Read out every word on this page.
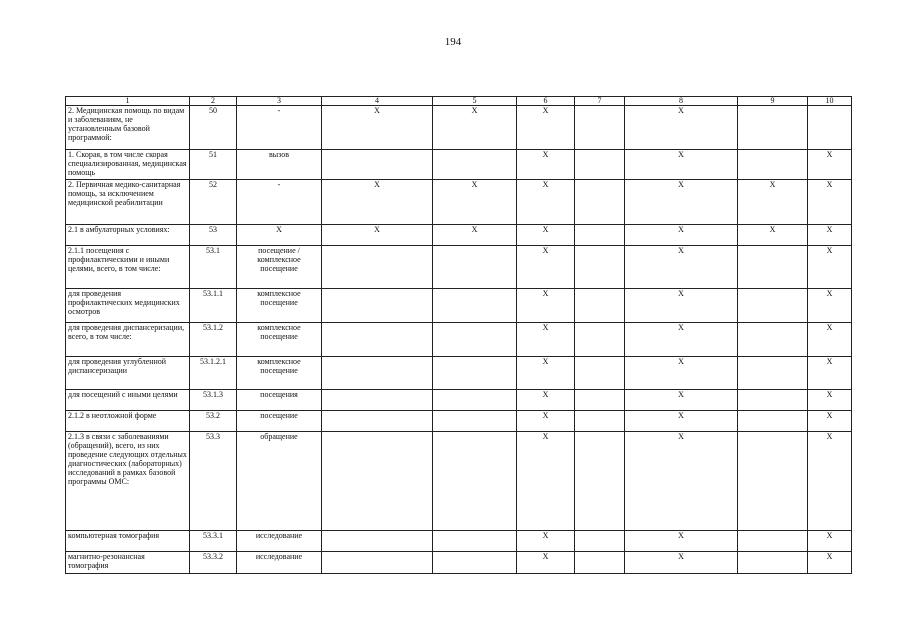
194
1	2	3	4	5	6	7	8	9	10
2. Медицинская помощь по видам и заболеваниям, не установленным базовой программой:	50	-	Х	Х	Х		Х		
1. Скорая, в том числе скорая специализированная, медицинская помощь	51	вызов			Х		Х		Х
2. Первичная медико-санитарная помощь, за исключением медицинской реабилитации	52	-	Х	Х	Х		Х	Х	Х
2.1 в амбулаторных условиях:	53	Х	Х	Х	Х		Х	Х	Х
2.1.1 посещения с профилактическими и иными целями, всего, в том числе:	53.1	посещение / комплексное посещение			Х		Х		Х
для проведения профилактических медицинских осмотров	53.1.1	комплексное посещение			Х		Х		Х
для проведения диспансеризации, всего, в том числе:	53.1.2	комплексное посещение			Х		Х		Х
для проведения углубленной диспансеризации	53.1.2.1	комплексное посещение			Х		Х		Х
для посещений с иными целями	53.1.3	посещения			Х		Х		Х
2.1.2 в неотложной форме	53.2	посещение			Х		Х		Х
2.1.3 в связи с заболеваниями (обращений), всего, из них проведение следующих отдельных диагностических (лабораторных) исследований в рамках базовой программы ОМС:	53.3	обращение			Х		Х		Х
компьютерная томография	53.3.1	исследование			Х		Х		Х
магнитно-резонансная томография	53.3.2	исследование			Х		Х		Х
